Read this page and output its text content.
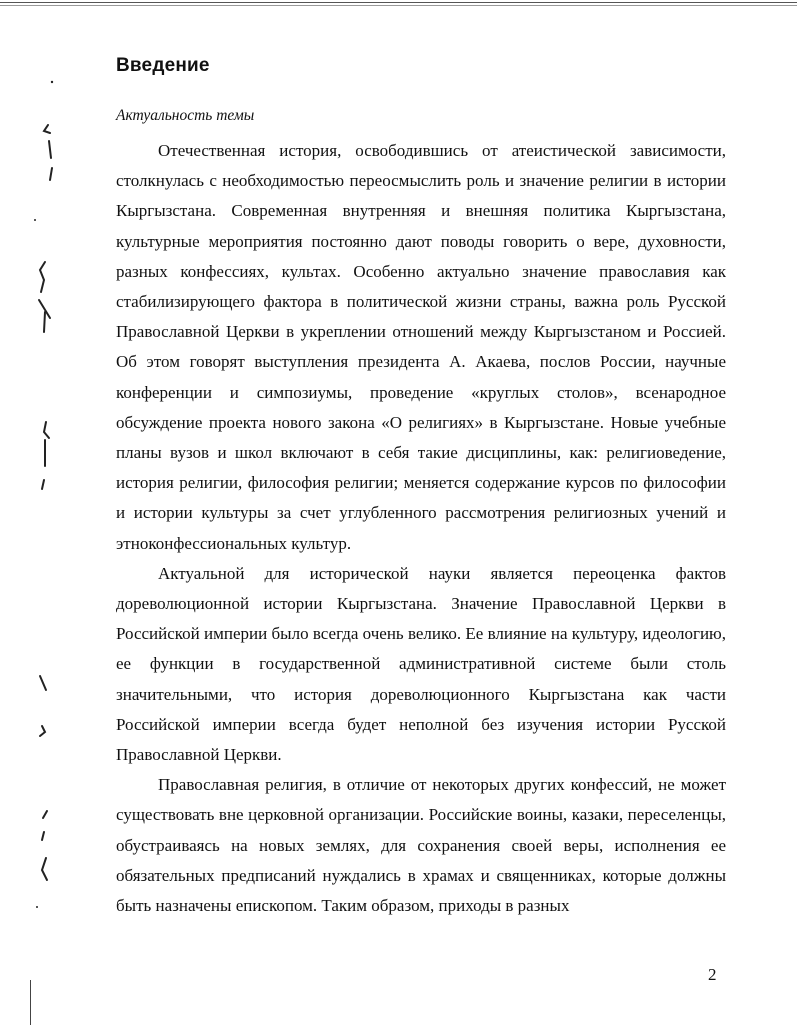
Введение
Актуальность темы

Отечественная история, освободившись от атеистической зависимости, столкнулась с необходимостью переосмыслить роль и значение религии в истории Кыргызстана. Современная внутренняя и внешняя политика Кыргызстана, культурные мероприятия постоянно дают поводы говорить о вере, духовности, разных конфессиях, культах. Особенно актуально значение православия как стабилизирующего фактора в политической жизни страны, важна роль Русской Православной Церкви в укреплении отношений между Кыргызстаном и Россией. Об этом говорят выступления президента А. Акаева, послов России, научные конференции и симпозиумы, проведение «круглых столов», всенародное обсуждение проекта нового закона «О религиях» в Кыргызстане. Новые учебные планы вузов и школ включают в себя такие дисциплины, как: религиоведение, история религии, философия религии; меняется содержание курсов по философии и истории культуры за счет углубленного рассмотрения религиозных учений и этноконфессиональных культур.

Актуальной для исторической науки является переоценка фактов дореволюционной истории Кыргызстана. Значение Православной Церкви в Российской империи было всегда очень велико. Ее влияние на культуру, идеологию, ее функции в государственной административной системе были столь значительными, что история дореволюционного Кыргызстана как части Российской империи всегда будет неполной без изучения истории Русской Православной Церкви.

Православная религия, в отличие от некоторых других конфессий, не может существовать вне церковной организации. Российские воины, казаки, переселенцы, обустраиваясь на новых землях, для сохранения своей веры, исполнения ее обязательных предписаний нуждались в храмах и священниках, которые должны быть назначены епископом. Таким образом, приходы в разных

2
